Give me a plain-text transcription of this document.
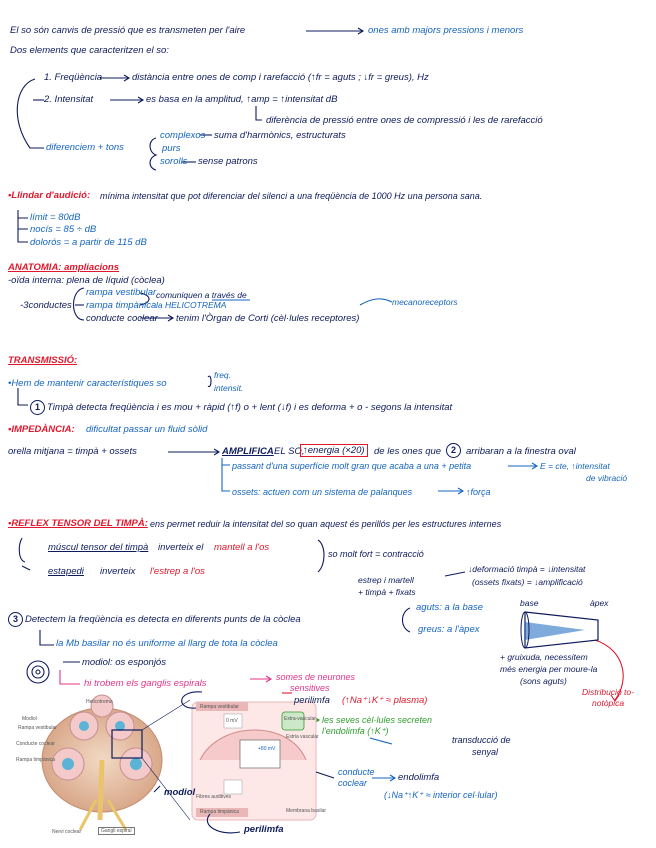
El so són canvis de pressió que es transmeten per l'aire	ones amb majors pressions i menors
Dos elements que caracteritzen el so:
1. Freqüència	distància entre ones de comp i rarefacció (↑fr = aguts ; ↓fr = greus), Hz
2. Intensitat	es basa en la amplitud, ↑amp = ↑intensitat dB
diferència de pressió entre ones de compressió i les de rarefacció
diferenciem + tons
complexos suma d'harmònics, estructurats
purs
sorolls sense patrons
•Llindar d'audició: mínima intensitat que pot diferenciar del silenci a una freqüència de 1000 Hz una persona sana.
límit = 80dB
nocís = 85 ÷ dB
dolorós = a partir de 115 dB
ANATOMIA: ampliacions
-oïda interna: plena de líquid (còclea)
-3conductes
rampa vestibular
rampa timpànica
comuniquen a través de
la HELICOTREMA
conducte coclear tenim l'Òrgan de Corti (cèl·lules receptores)
mecanoreceptors
TRANSMISSIÓ:
•Hem de mantenir característiques so
freq.
intensit.
1 Timpà detecta freqüència i es mou + ràpid (↑f) o + lent (↓f) i es deforma + o - segons la intensitat
•IMPEDÀNCIA: dificultat passar un fluid sòlid
orella mitjana = timpà + ossets	AMPLIFICA EL SO,
↑energia (×20) de les ones que	2	arribaran a la finestra oval
passant d'una superfície molt gran que acaba a una + petita	E = cte, ↑intensitat
de vibració
ossets: actuen com un sistema de palanques	↑força
•REFLEX TENSOR DEL TIMPÀ: ens permet reduir la intensitat del so quan aquest és perillós per les estructures internes
múscul tensor del timpà inverteix el mantell a l'os
estapedi inverteix l'estrep a l'os
so molt fort = contracció
estrep i martell
+ timpà + fixats
↓deformació timpà = ↓intensitat
(ossets fixats) = ↓amplificació
3 Detectem la freqüència es detecta en diferents punts de la còclea
aguts: a la base
greus: a l'àpex
la Mb basilar no és uniforme al llarg de tota la còclea
base	àpex
+ gruixuda, necessitem
més energia per moure-la
(sons aguts)
Distribució to-
notòpica
modiol: os esponjós
hi trobem els ganglis espirals
somes de neurones
sensitives
Helicotrema
Modiol
Rampa vestibular
Conducte coclear
Rampa timpànica
Nervi coclear	Gangli espiral
Rampa vestibular
0 mV
+80 mV
Extra-vascular
Estria vascular
Rampa timpànica
Fibres auditives
Membrana basilar
perilimfa (↑Na⁺↓K⁺ ≈ plasma)
les seves cèl·lules secreten
l'endolimfa (↑K⁺)
transducció de
senyal
conducte
coclear	endolimfa
(↓Na⁺↑K⁺ ≈ interior cel·lular)
modiol
perilimfa
